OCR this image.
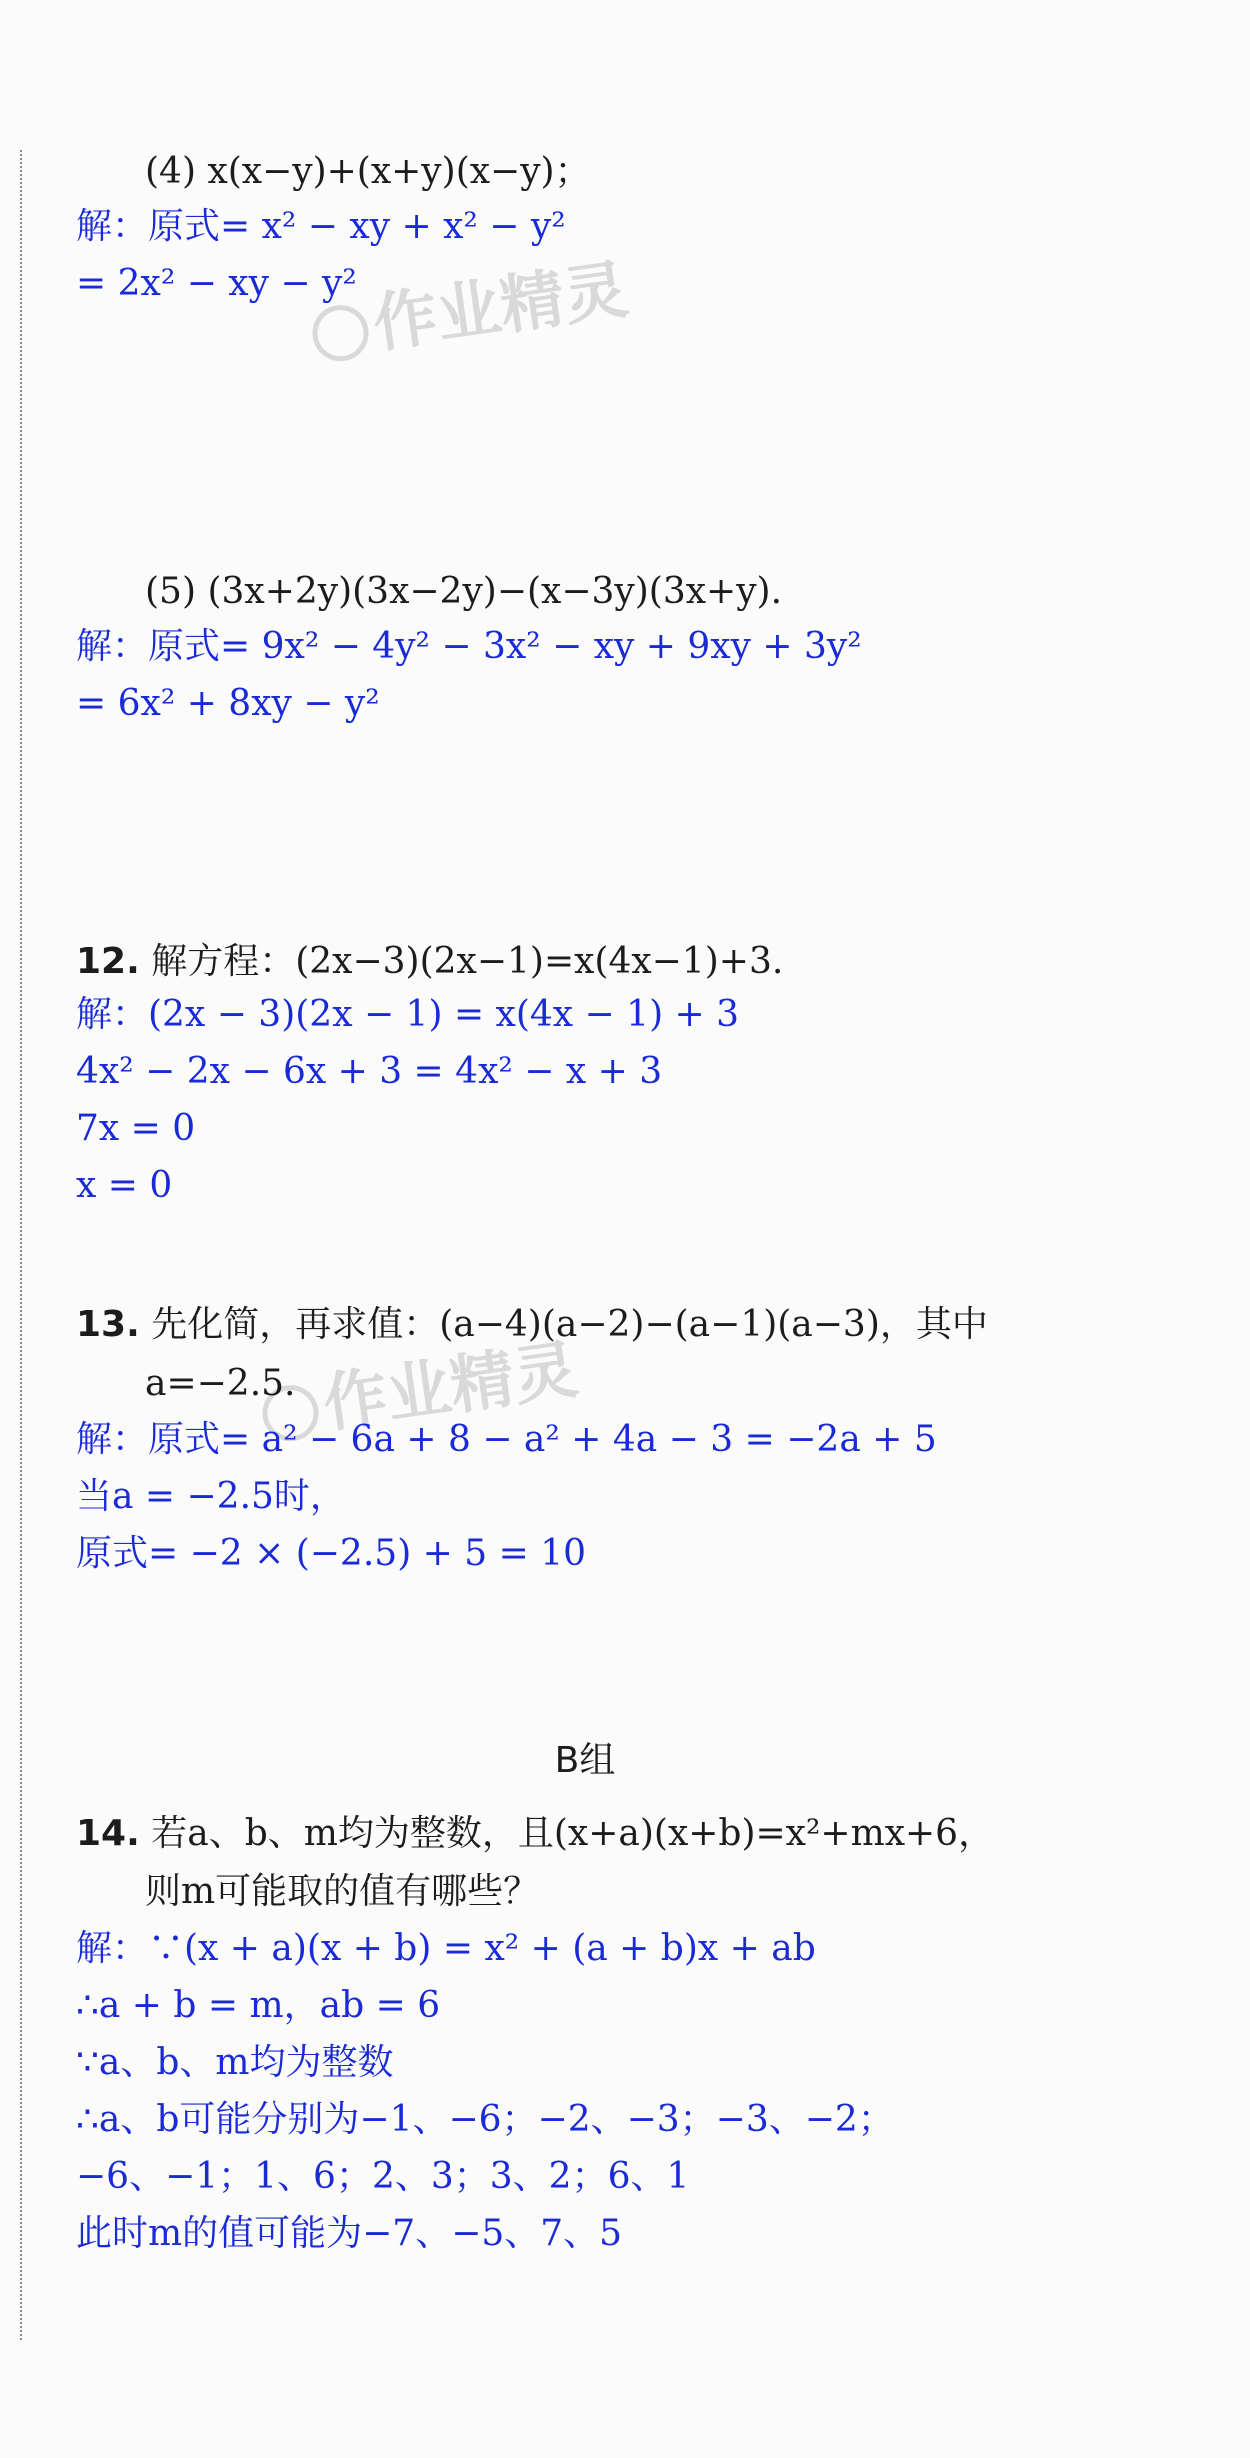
(4) x(x−y)+(x+y)(x−y)；
解：原式= x² − xy + x² − y²
= 2x² − xy − y² 作业精灵
(5) (3x+2y)(3x−2y)−(x−3y)(3x+y).
解：原式= 9x² − 4y² − 3x² − xy + 9xy + 3y²
= 6x² + 8xy − y²
12. 解方程：(2x−3)(2x−1)=x(4x−1)+3.
解：(2x − 3)(2x − 1) = x(4x − 1) + 3
4x² − 2x − 6x + 3 = 4x² − x + 3
7x = 0
x = 0
13. 先化简，再求值：(a−4)(a−2)−(a−1)(a−3)，其中
a=−2.5. 作业精灵
解：原式= a² − 6a + 8 − a² + 4a − 3 = −2a + 5
当a = −2.5时，
原式= −2 × (−2.5) + 5 = 10
B组
14. 若a、b、m均为整数，且(x+a)(x+b)=x²+mx+6，
则m可能取的值有哪些？
解：∵(x + a)(x + b) = x² + (a + b)x + ab
∴a + b = m，ab = 6
∵a、b、m均为整数
∴a、b可能分别为−1、−6；−2、−3；−3、−2；
−6、−1；1、6；2、3；3、2；6、1
此时m的值可能为−7、−5、7、5
